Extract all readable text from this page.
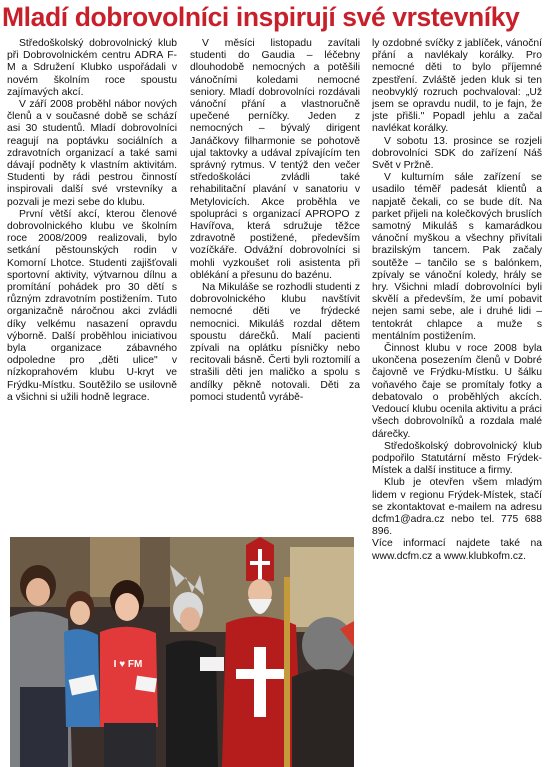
Mladí dobrovolníci inspirují své vrstevníky

Středoškolský dobrovolnický klub při Dobrovolnickém centru ADRA F-M a Sdružení Klubko uspořádali v novém školním roce spoustu zajímavých akcí.

V září 2008 proběhl nábor nových členů a v současné době se schází asi 30 studentů. Mladí dobrovolníci reagují na poptávku sociálních a zdravotních organizací a také sami dávají podněty k vlastním aktivitám. Studenti by rádi pestrou činností inspirovali další své vrstevníky a pozvali je mezi sebe do klubu.

První větší akcí, kterou členové dobrovolnického klubu ve školním roce 2008/2009 realizovali, bylo setkání pěstounských rodin v Komorní Lhotce. Studenti zajišťovali sportovní aktivity, výtvarnou dílnu a promítání pohádek pro 30 dětí s různým zdravotním postižením. Tuto organizačně náročnou akci zvládli díky velkému nasazení opravdu výborně. Další proběhlou iniciativou byla organizace zábavného odpoledne pro „děti ulice" v nízkoprahovém klubu U-kryt ve Frýdku-Místku. Soutěžilo se usilovně a všichni si užili hodně legrace.

V měsíci listopadu zavítali studenti do Gaudia – léčebny dlouhodobě nemocných a potěšili vánočními koledami nemocné seniory. Mladí dobrovolníci rozdávali vánoční přání a vlastnoručně upečené perníčky. Jeden z nemocných – bývalý dirigent Janáčkovy filharmonie se pohotově ujal taktovky a udával zpívajícím ten správný rytmus. V tentýž den večer středoškoláci zvládli také rehabilitační plavání v sanatoriu v Metylovicích. Akce proběhla ve spolupráci s organizací APROPO z Havířova, která sdružuje těžce zdravotně postižené, především vozíčkáře. Odvážní dobrovolníci si mohli vyzkoušet roli asistenta při oblékání a přesunu do bazénu.

Na Mikuláše se rozhodli studenti z dobrovolnického klubu navštívit nemocné děti ve frýdecké nemocnici. Mikuláš rozdal dětem spoustu dárečků. Malí pacienti zpívali na oplátku písničky nebo recitovali básně. Čerti byli roztomilí a strašili děti jen maličko a spolu s andílky pěkně notovali. Děti za pomoci studentů vyrábě-

ly ozdobné svíčky z jablíček, vánoční přání a navlékaly korálky. Pro nemocné děti to bylo příjemné zpestření. Zvláště jeden kluk si ten neobvyklý rozruch pochvaloval: „Už jsem se opravdu nudil, to je fajn, že jste přišli." Popadl jehlu a začal navlékat korálky.

V sobotu 13. prosince se rozjeli dobrovolníci SDK do zařízení Náš Svět v Pržně.

V kulturním sále zařízení se usadilo téměř padesát klientů a napjatě čekali, co se bude dít. Na parket přijeli na kolečkových bruslích samotný Mikuláš s kamarádkou vánoční myškou a všechny přivítali brazilským tancem. Pak začaly soutěže – tančilo se s balónkem, zpívaly se vánoční koledy, hrály se hry. Všichni mladí dobrovolníci byli skvělí a především, že umí pobavit nejen sami sebe, ale i druhé lidi – tentokrát chlapce a muže s mentálním postižením.

Činnost klubu v roce 2008 byla ukončena posezením členů v Dobré čajovně ve Frýdku-Místku. U šálku voňavého čaje se promítaly fotky a debatovalo o proběhlých akcích. Vedoucí klubu ocenila aktivitu a práci všech dobrovolníků a rozdala malé dárečky.

Středoškolský dobrovolnický klub podpořilo Statutární město Frýdek-Místek a další instituce a firmy.

Klub je otevřen všem mladým lidem v regionu Frýdek-Místek, stačí se zkontaktovat e-mailem na adresu dcfm1@adra.cz nebo tel. 775 688 896.

Více informací najdete také na www.dcfm.cz a www.klubkofm.cz.

I ♥ FM
